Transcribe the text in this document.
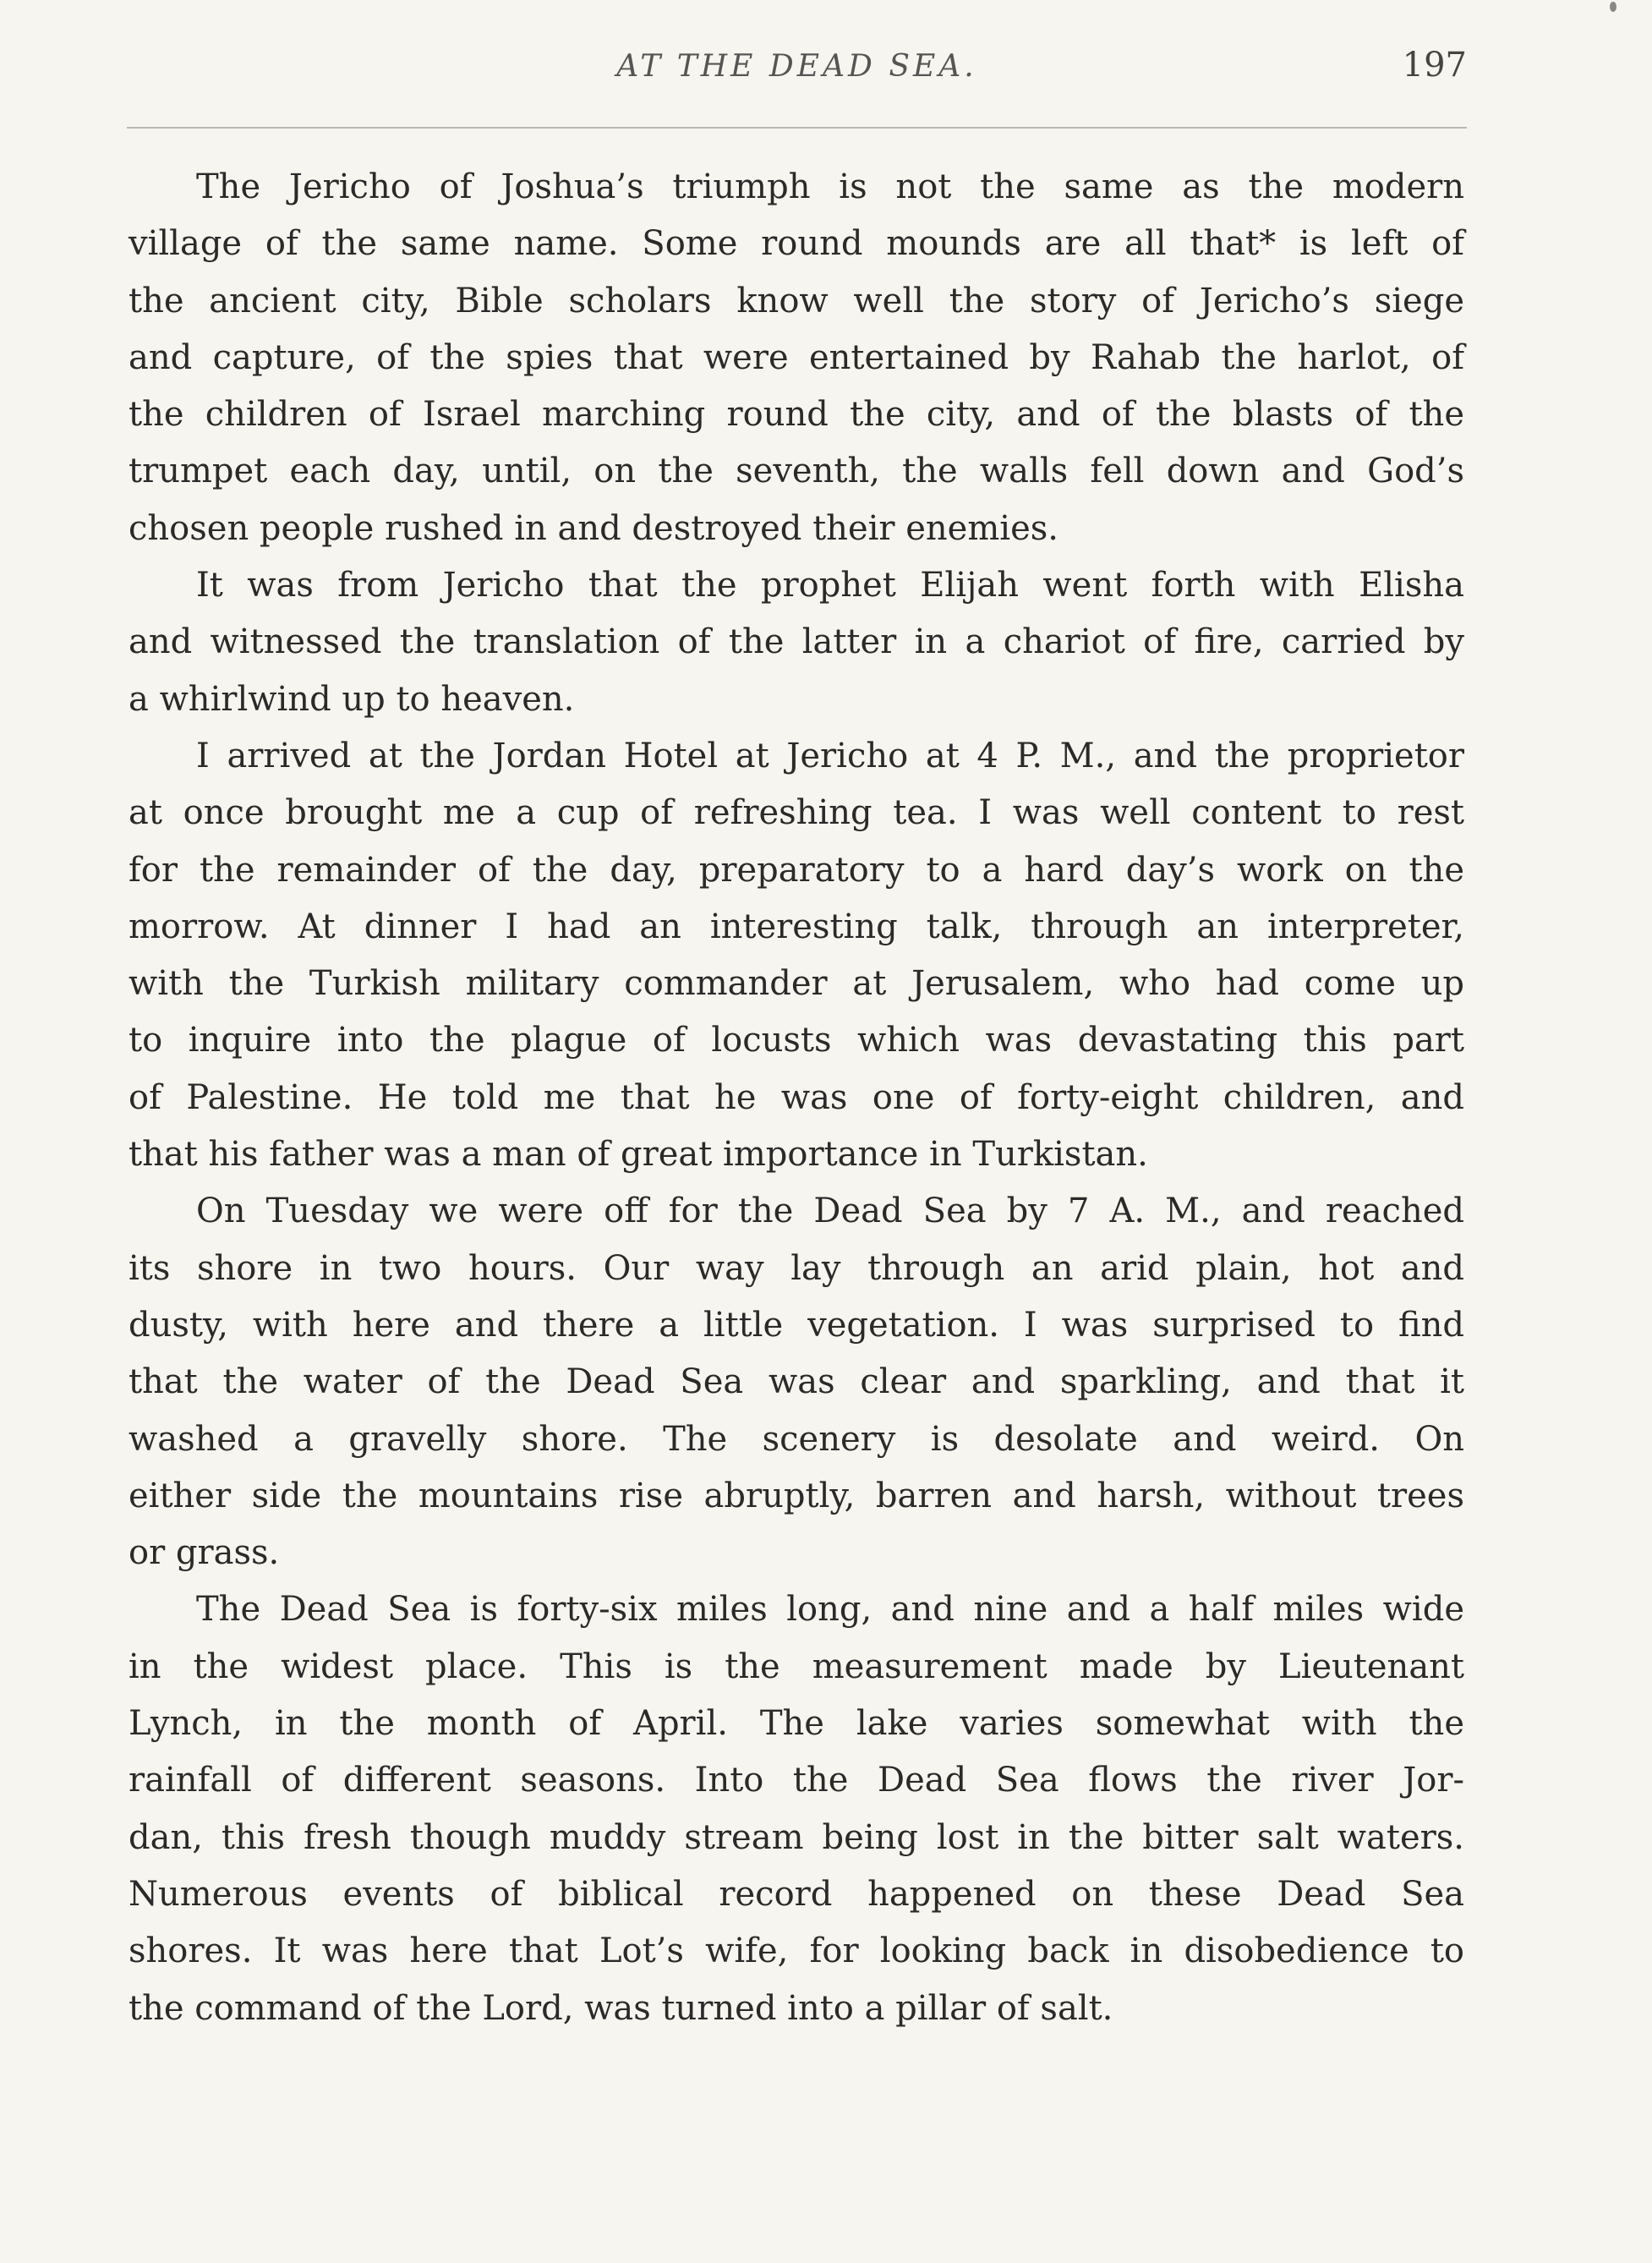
AT THE DEAD SEA.	197
The Jericho of Joshua’s triumph is not the same as the modern
village of the same name. Some round mounds are all that* is left of
the ancient city, Bible scholars know well the story of Jericho’s siege
and capture, of the spies that were entertained by Rahab the harlot, of
the children of Israel marching round the city, and of the blasts of the
trumpet each day, until, on the seventh, the walls fell down and God’s
chosen people rushed in and destroyed their enemies.
It was from Jericho that the prophet Elijah went forth with Elisha
and witnessed the translation of the latter in a chariot of fire, carried by
a whirlwind up to heaven.
I arrived at the Jordan Hotel at Jericho at 4 P. M., and the proprietor
at once brought me a cup of refreshing tea. I was well content to rest
for the remainder of the day, preparatory to a hard day’s work on the
morrow. At dinner I had an interesting talk, through an interpreter,
with the Turkish military commander at Jerusalem, who had come up
to inquire into the plague of locusts which was devastating this part
of Palestine. He told me that he was one of forty-eight children, and
that his father was a man of great importance in Turkistan.
On Tuesday we were off for the Dead Sea by 7 A. M., and reached
its shore in two hours. Our way lay through an arid plain, hot and
dusty, with here and there a little vegetation. I was surprised to find
that the water of the Dead Sea was clear and sparkling, and that it
washed a gravelly shore. The scenery is desolate and weird. On
either side the mountains rise abruptly, barren and harsh, without trees
or grass.
The Dead Sea is forty-six miles long, and nine and a half miles wide
in the widest place. This is the measurement made by Lieutenant
Lynch, in the month of April. The lake varies somewhat with the
rainfall of different seasons. Into the Dead Sea flows the river Jor-
dan, this fresh though muddy stream being lost in the bitter salt waters.
Numerous events of biblical record happened on these Dead Sea
shores. It was here that Lot’s wife, for looking back in disobedience to
the command of the Lord, was turned into a pillar of salt.
